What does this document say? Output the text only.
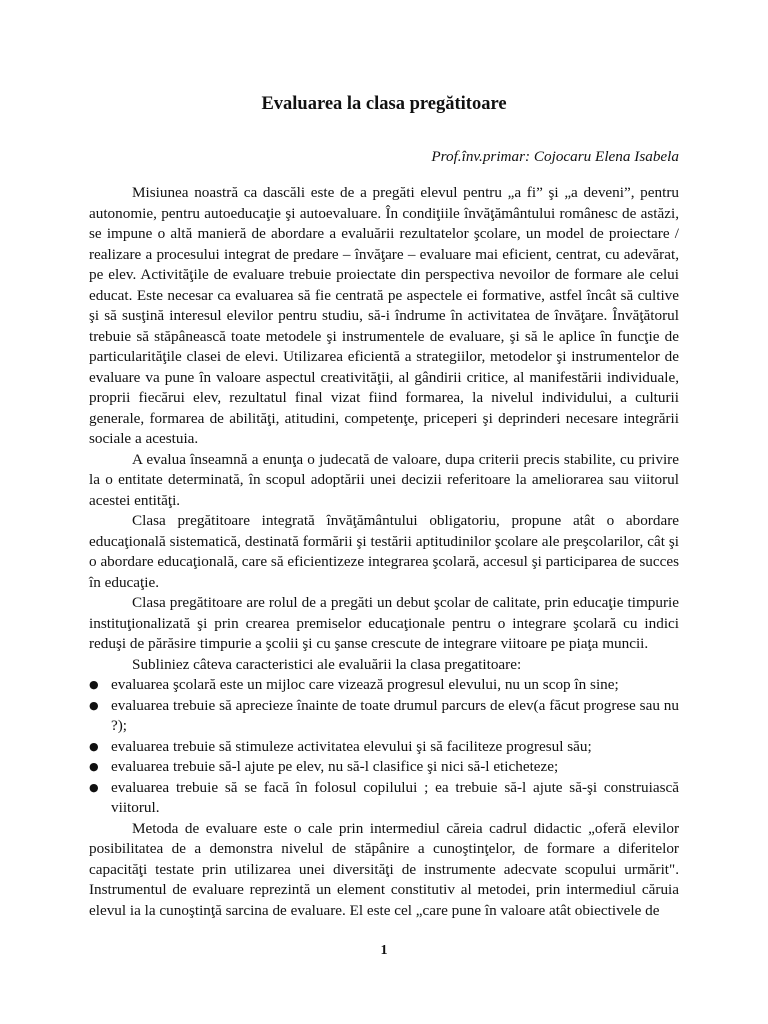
Evaluarea la clasa pregătitoare
Prof.înv.primar: Cojocaru Elena Isabela

Misiunea noastră ca dascăli este de a pregăti elevul pentru „a fi” şi „a deveni”, pentru autonomie, pentru autoeducaţie şi autoevaluare. În condiţiile învăţământului românesc de astăzi, se impune o altă manieră de abordare a evaluării rezultatelor şcolare, un model de proiectare / realizare a procesului integrat de predare – învăţare – evaluare mai eficient, centrat, cu adevărat, pe elev. Activităţile de evaluare trebuie proiectate din perspectiva nevoilor de formare ale celui educat. Este necesar ca evaluarea să fie centrată pe aspectele ei formative, astfel încât să cultive şi să susţină interesul elevilor pentru studiu, să-i îndrume în activitatea de învăţare. Învăţătorul trebuie să stăpânească toate metodele şi instrumentele de evaluare, şi să le aplice în funcţie de particularităţile clasei de elevi. Utilizarea eficientă a strategiilor, metodelor şi instrumentelor de evaluare va pune în valoare aspectul creativităţii, al gândirii critice, al manifestării individuale, proprii fiecărui elev, rezultatul final vizat fiind formarea, la nivelul individului, a culturii generale, formarea de abilităţi, atitudini, competenţe, priceperi şi deprinderi necesare integrării sociale a acestuia.

A evalua înseamnă a enunţa o judecată de valoare, dupa criterii precis stabilite, cu privire la o entitate determinată, în scopul adoptării unei decizii referitoare la ameliorarea sau viitorul acestei entităţi.

Clasa pregătitoare integrată învăţământului obligatoriu, propune atât o abordare educaţională sistematică, destinată formării şi testării aptitudinilor şcolare ale preşcolarilor, cât şi o abordare educaţională, care să eficientizeze integrarea şcolară, accesul şi participarea de succes în educaţie.

Clasa pregătitoare are rolul de a pregăti un debut şcolar de calitate, prin educaţie timpurie instituţionalizată şi prin crearea premiselor educaţionale pentru o integrare şcolară cu indici reduşi de părăsire timpurie a şcolii şi cu şanse crescute de integrare viitoare pe piaţa muncii.

Subliniez câteva caracteristici ale evaluării la clasa pregatitoare:

● evaluarea şcolară este un mijloc care vizează progresul elevului, nu un scop în sine;
● evaluarea trebuie să aprecieze înainte de toate drumul parcurs de elev(a făcut progrese sau nu ?);
● evaluarea trebuie să stimuleze activitatea elevului şi să faciliteze progresul său;
● evaluarea trebuie să-l ajute pe elev, nu să-l clasifice şi nici să-l eticheteze;
● evaluarea trebuie să se facă în folosul copilului ; ea trebuie să-l ajute să-şi construiască viitorul.

Metoda de evaluare este o cale prin intermediul căreia cadrul didactic „oferă elevilor posibilitatea de a demonstra nivelul de stăpânire a cunoştinţelor, de formare a diferitelor capacităţi testate prin utilizarea unei diversităţi de instrumente adecvate scopului urmărit". Instrumentul de evaluare reprezintă un element constitutiv al metodei, prin intermediul căruia elevul ia la cunoştinţă sarcina de evaluare. El este cel „care pune în valoare atât obiectivele de

1
